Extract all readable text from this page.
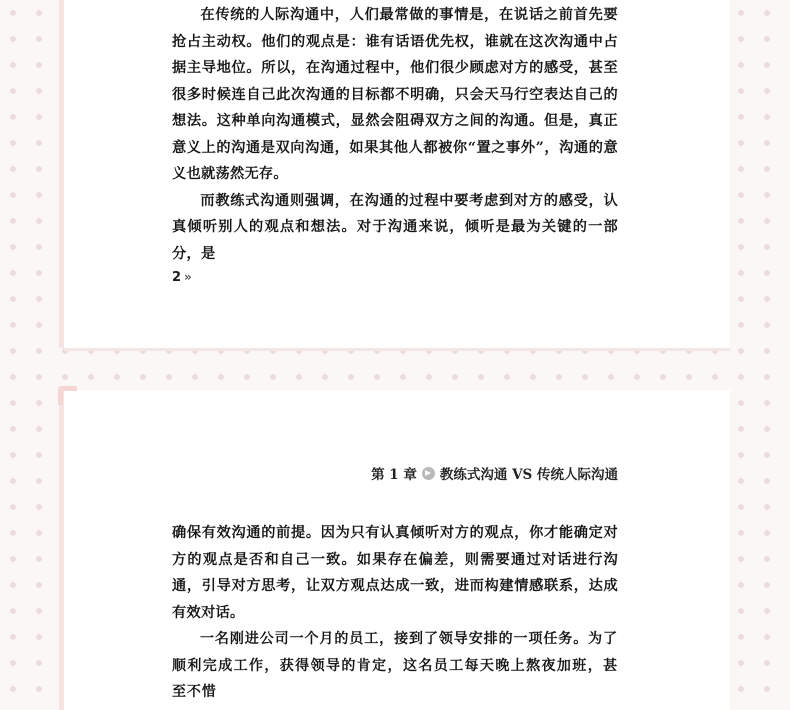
在传统的人际沟通中，人们最常做的事情是，在说话之前首先要抢占主动权。他们的观点是：谁有话语优先权，谁就在这次沟通中占据主导地位。所以，在沟通过程中，他们很少顾虑对方的感受，甚至很多时候连自己此次沟通的目标都不明确，只会天马行空表达自己的想法。这种单向沟通模式，显然会阻碍双方之间的沟通。但是，真正意义上的沟通是双向沟通，如果其他人都被你“置之事外”，沟通的意义也就荡然无存。

而教练式沟通则强调，在沟通的过程中要考虑到对方的感受，认真倾听别人的观点和想法。对于沟通来说，倾听是最为关键的一部分，是

2 »
第 1 章 教练式沟通 VS 传统人际沟通

确保有效沟通的前提。因为只有认真倾听对方的观点，你才能确定对方的观点是否和自己一致。如果存在偏差，则需要通过对话进行沟通，引导对方思考，让双方观点达成一致，进而构建情感联系，达成有效对话。

一名刚进公司一个月的员工，接到了领导安排的一项任务。为了顺利完成工作，获得领导的肯定，这名员工每天晚上熬夜加班，甚至不惜
